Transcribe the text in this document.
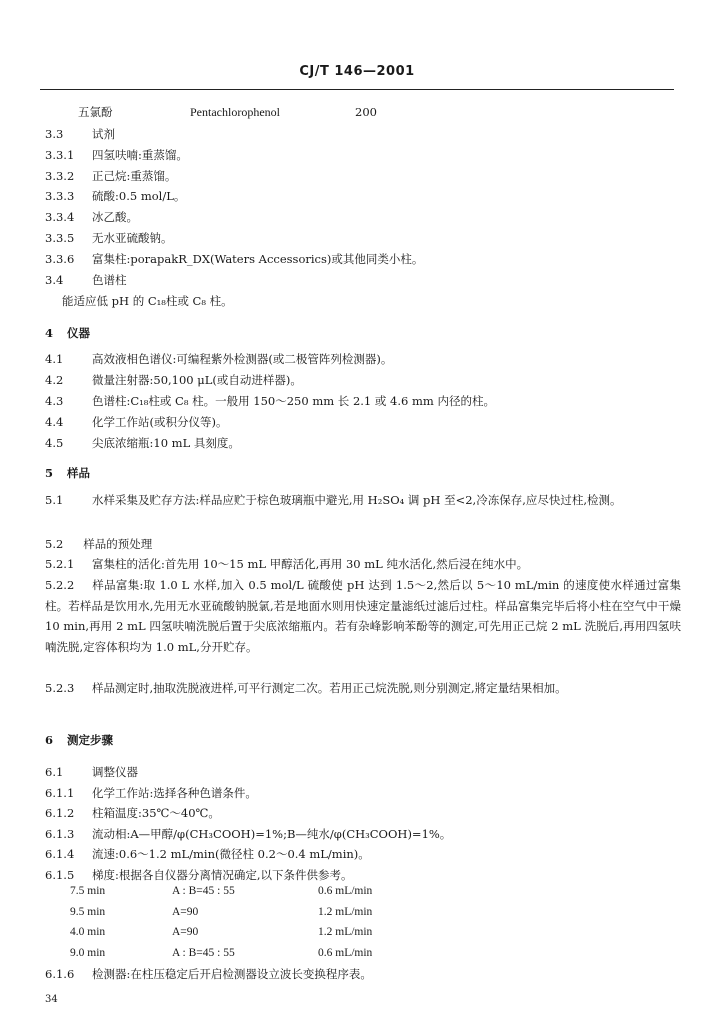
CJ/T 146—2001
五氯酚	Pentachlorophenol	200
3.3 试剂
3.3.1 四氢呋喃:重蒸馏。
3.3.2 正己烷:重蒸馏。
3.3.3 硫酸:0.5 mol/L。
3.3.4 冰乙酸。
3.3.5 无水亚硫酸钠。
3.3.6 富集柱:porapakR_DX(Waters Accessorics)或其他同类小柱。
3.4 色谱柱
能适应低 pH 的 C₁₈柱或 C₈ 柱。
4 仪器
4.1 高效液相色谱仪:可编程紫外检测器(或二极管阵列检测器)。
4.2 微量注射器:50,100 μL(或自动进样器)。
4.3 色谱柱:C₁₈柱或 C₈ 柱。一般用 150～250 mm 长 2.1 或 4.6 mm 内径的柱。
4.4 化学工作站(或积分仪等)。
4.5 尖底浓缩瓶:10 mL 具刻度。
5 样品
5.1 水样采集及贮存方法:样品应贮于棕色玻璃瓶中避光,用 H₂SO₄ 调 pH 至<2,冷冻保存,应尽快过柱,检测。
5.2 样品的预处理
5.2.1 富集柱的活化:首先用 10～15 mL 甲醇活化,再用 30 mL 纯水活化,然后浸在纯水中。
5.2.2 样品富集:取 1.0 L 水样,加入 0.5 mol/L 硫酸使 pH 达到 1.5～2,然后以 5～10 mL/min 的速度使水样通过富集柱。若样品是饮用水,先用无水亚硫酸钠脱氯,若是地面水则用快速定量滤纸过滤后过柱。样品富集完毕后将小柱在空气中干燥 10 min,再用 2 mL 四氢呋喃洗脱后置于尖底浓缩瓶内。若有杂峰影响苯酚等的测定,可先用正己烷 2 mL 洗脱后,再用四氢呋喃洗脱,定容体积均为 1.0 mL,分开贮存。
5.2.3 样品测定时,抽取洗脱液进样,可平行测定二次。若用正己烷洗脱,则分别测定,將定量结果相加。
6 测定步骤
6.1 调整仪器
6.1.1 化学工作站:选择各种色谱条件。
6.1.2 柱箱温度:35℃～40℃。
6.1.3 流动相:A—甲醇/φ(CH₃COOH)=1%;B—纯水/φ(CH₃COOH)=1%。
6.1.4 流速:0.6～1.2 mL/min(微径柱 0.2～0.4 mL/min)。
6.1.5 梯度:根据各自仪器分离情况确定,以下条件供参考。
7.5 min	A : B=45 : 55	0.6 mL/min
9.5 min	A=90	1.2 mL/min
4.0 min	A=90	1.2 mL/min
9.0 min	A : B=45 : 55	0.6 mL/min
6.1.6 检测器:在柱压稳定后开启检测器设立波长变换程序表。
34
